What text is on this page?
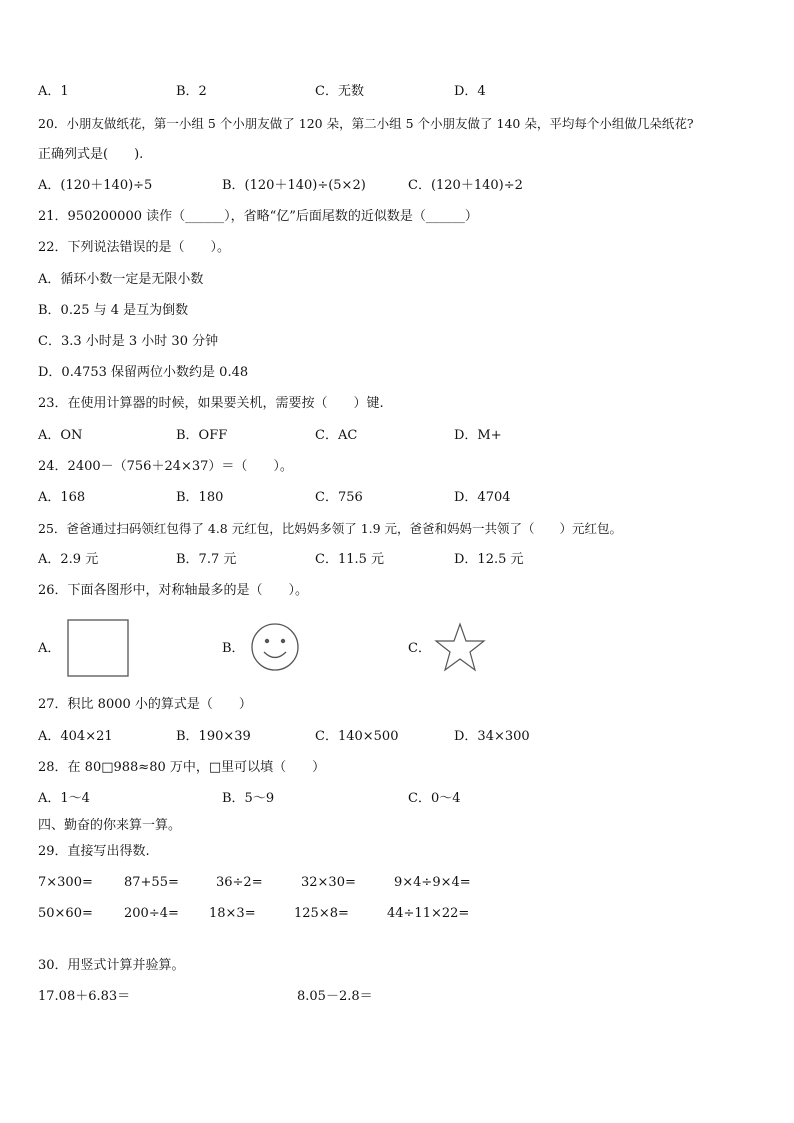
A．1	B．2	C．无数	D．4
20．小朋友做纸花，第一小组 5 个小朋友做了 120 朵，第二小组 5 个小朋友做了 140 朵，平均每个小组做几朵纸花?
正确列式是(　　).
A．(120＋140)÷5	B．(120＋140)÷(5×2)	C．(120＋140)÷2
21．950200000 读作（______），省略“亿”后面尾数的近似数是（______）
22．下列说法错误的是（　　）。
A．循环小数一定是无限小数
B．0.25 与 4 是互为倒数
C．3.3 小时是 3 小时 30 分钟
D．0.4753 保留两位小数约是 0.48
23．在使用计算器的时候，如果要关机，需要按（　　）键.
A．ON	B．OFF	C．AC	D．M+
24．2400－（756＋24×37）＝（　　）。
A．168	B．180	C．756	D．4704
25．爸爸通过扫码领红包得了 4.8 元红包，比妈妈多领了 1.9 元，爸爸和妈妈一共领了（　　）元红包。
A．2.9 元	B．7.7 元	C．11.5 元	D．12.5 元
26．下面各图形中，对称轴最多的是（　　）。
A．	B．	C．
27．积比 8000 小的算式是（　　）
A．404×21	B．190×39	C．140×500	D．34×300
28．在 80□988≈80 万中，□里可以填（　　）
A．1～4	B．5～9	C．0～4
四、勤奋的你来算一算。
29．直接写出得数.
7×300= 87+55=	36÷2=	32×30=	9×4÷9×4=
50×60= 200÷4= 18×3=	125×8=	44÷11×22=
30．用竖式计算并验算。
17.08＋6.83＝	8.05－2.8＝
